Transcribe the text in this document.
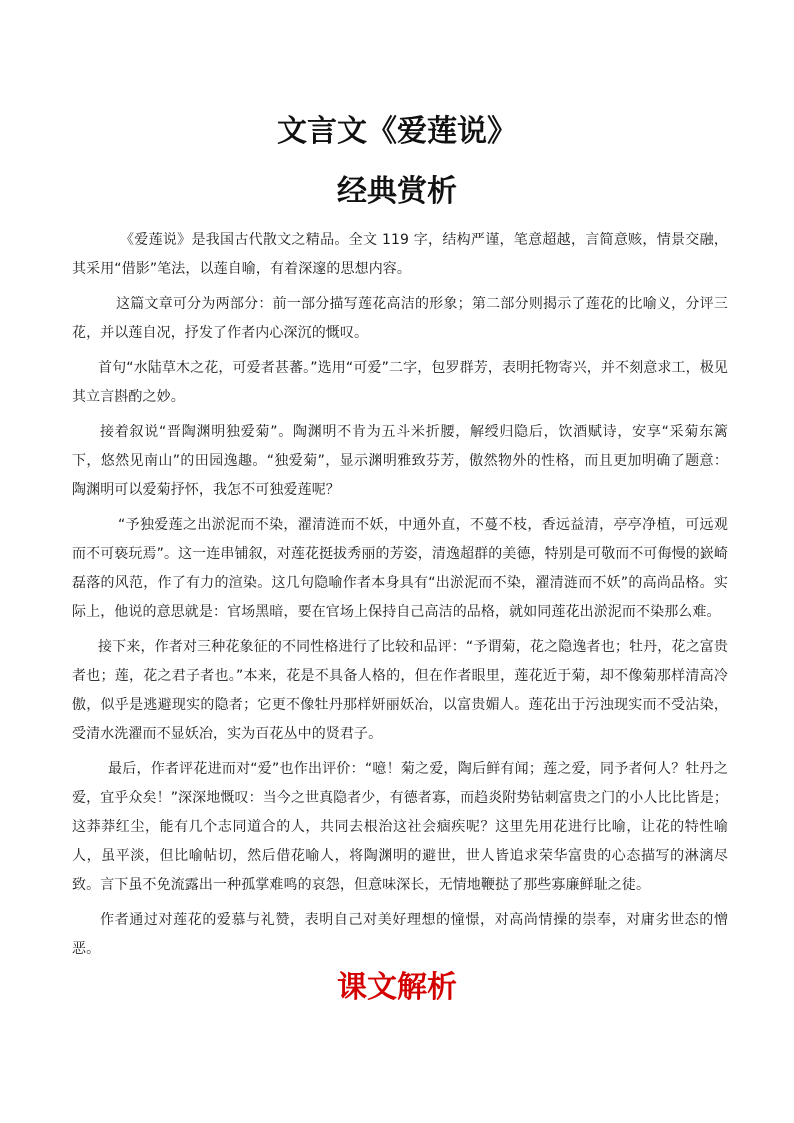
文言文《爱莲说》
经典赏析

《爱莲说》是我国古代散文之精品。全文 119 字，结构严谨，笔意超越，言简意赅，情景交融，其采用“借影”笔法，以莲自喻，有着深邃的思想内容。

这篇文章可分为两部分：前一部分描写莲花高洁的形象；第二部分则揭示了莲花的比喻义，分评三花，并以莲自况，抒发了作者内心深沉的慨叹。

首句“水陆草木之花，可爱者甚蕃。”选用“可爱”二字，包罗群芳，表明托物寄兴，并不刻意求工，极见其立言斟酌之妙。

接着叙说“晋陶渊明独爱菊”。陶渊明不肯为五斗米折腰，解绶归隐后，饮酒赋诗，安享“采菊东篱下，悠然见南山”的田园逸趣。“独爱菊”，显示渊明雅致芬芳，傲然物外的性格，而且更加明确了题意：陶渊明可以爱菊抒怀，我怎不可独爱莲呢？

“予独爱莲之出淤泥而不染，濯清涟而不妖，中通外直，不蔓不枝，香远益清，亭亭净植，可远观而不可亵玩焉”。这一连串铺叙，对莲花挺拔秀丽的芳姿，清逸超群的美德，特别是可敬而不可侮慢的嶔崎磊落的风范，作了有力的渲染。这几句隐喻作者本身具有“出淤泥而不染，濯清涟而不妖”的高尚品格。实际上，他说的意思就是：官场黑暗，要在官场上保持自己高洁的品格，就如同莲花出淤泥而不染那么难。

接下来，作者对三种花象征的不同性格进行了比较和品评：“予谓菊，花之隐逸者也；牡丹，花之富贵者也；莲，花之君子者也。”本来，花是不具备人格的，但在作者眼里，莲花近于菊，却不像菊那样清高冷傲，似乎是逃避现实的隐者；它更不像牡丹那样妍丽妖冶，以富贵媚人。莲花出于污浊现实而不受沾染，受清水洗濯而不显妖冶，实为百花丛中的贤君子。

最后，作者评花进而对“爱”也作出评价：“噫！菊之爱，陶后鲜有闻；莲之爱，同予者何人？牡丹之爱，宜乎众矣！”深深地慨叹：当今之世真隐者少，有德者寡，而趋炎附势钻刺富贵之门的小人比比皆是；这莽莽红尘，能有几个志同道合的人，共同去根治这社会痼疾呢？这里先用花进行比喻，让花的特性喻人，虽平淡，但比喻帖切，然后借花喻人，将陶渊明的避世，世人皆追求荣华富贵的心态描写的淋漓尽致。言下虽不免流露出一种孤掌难鸣的哀怨，但意味深长，无情地鞭挞了那些寡廉鲜耻之徒。

作者通过对莲花的爱慕与礼赞，表明自己对美好理想的憧憬，对高尚情操的崇奉，对庸劣世态的憎恶。

课文解析
